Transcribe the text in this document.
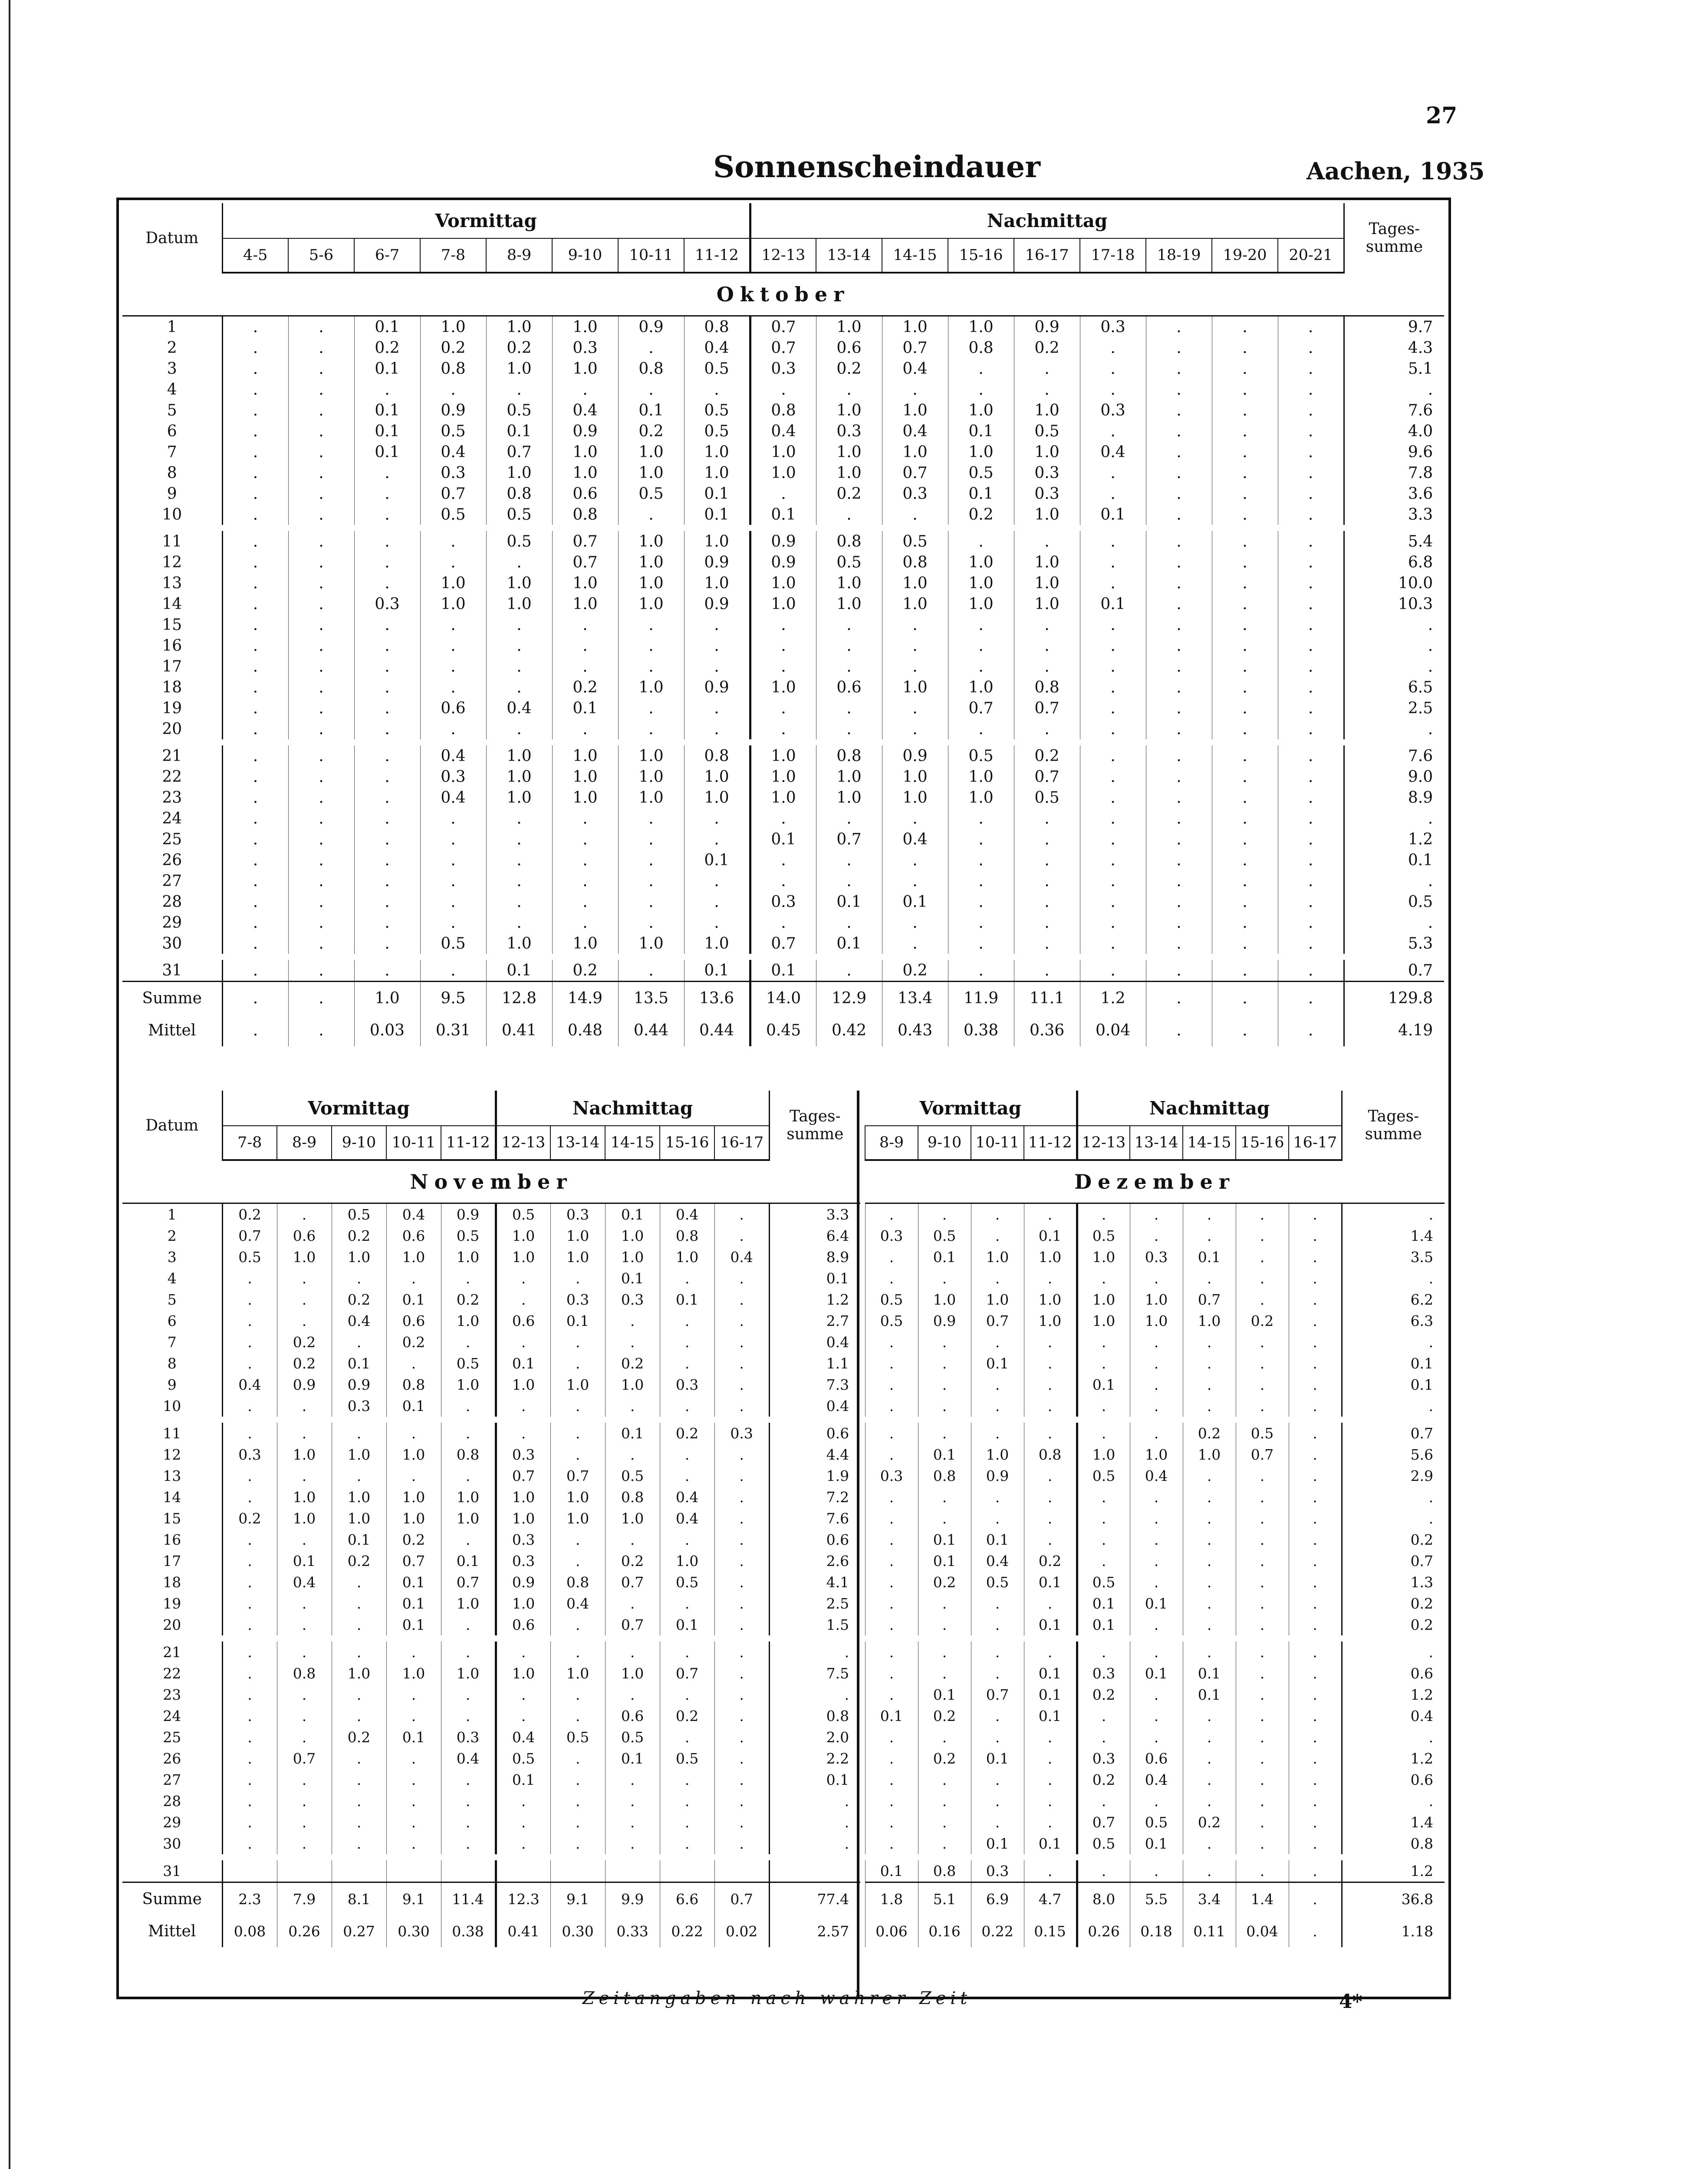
27
Sonnenscheindauer	Aachen, 1935
Datum	Vormittag								Nachmittag									Tages-
summe
	4-5	5-6	6-7	7-8	8-9	9-10	10-11	11-12	12-13	13-14	14-15	15-16	16-17	17-18	18-19	19-20	20-21	
Oktober																		
1	.	.	0.1	1.0	1.0	1.0	0.9	0.8	0.7	1.0	1.0	1.0	0.9	0.3	.	.	.	9.7
2	.	.	0.2	0.2	0.2	0.3	.	0.4	0.7	0.6	0.7	0.8	0.2	.	.	.	.	4.3
3	.	.	0.1	0.8	1.0	1.0	0.8	0.5	0.3	0.2	0.4	.	.	.	.	.	.	5.1
4	.	.	.	.	.	.	.	.	.	.	.	.	.	.	.	.	.	.
5	.	.	0.1	0.9	0.5	0.4	0.1	0.5	0.8	1.0	1.0	1.0	1.0	0.3	.	.	.	7.6
6	.	.	0.1	0.5	0.1	0.9	0.2	0.5	0.4	0.3	0.4	0.1	0.5	.	.	.	.	4.0
7	.	.	0.1	0.4	0.7	1.0	1.0	1.0	1.0	1.0	1.0	1.0	1.0	0.4	.	.	.	9.6
8	.	.	.	0.3	1.0	1.0	1.0	1.0	1.0	1.0	0.7	0.5	0.3	.	.	.	.	7.8
9	.	.	.	0.7	0.8	0.6	0.5	0.1	.	0.2	0.3	0.1	0.3	.	.	.	.	3.6
10	.	.	.	0.5	0.5	0.8	.	0.1	0.1	.	.	0.2	1.0	0.1	.	.	.	3.3

11	.	.	.	.	0.5	0.7	1.0	1.0	0.9	0.8	0.5	.	.	.	.	.	.	5.4
12	.	.	.	.	.	0.7	1.0	0.9	0.9	0.5	0.8	1.0	1.0	.	.	.	.	6.8
13	.	.	.	1.0	1.0	1.0	1.0	1.0	1.0	1.0	1.0	1.0	1.0	.	.	.	.	10.0
14	.	.	0.3	1.0	1.0	1.0	1.0	0.9	1.0	1.0	1.0	1.0	1.0	0.1	.	.	.	10.3
15	.	.	.	.	.	.	.	.	.	.	.	.	.	.	.	.	.	.
16	.	.	.	.	.	.	.	.	.	.	.	.	.	.	.	.	.	.
17	.	.	.	.	.	.	.	.	.	.	.	.	.	.	.	.	.	.
18	.	.	.	.	.	0.2	1.0	0.9	1.0	0.6	1.0	1.0	0.8	.	.	.	.	6.5
19	.	.	.	0.6	0.4	0.1	.	.	.	.	.	0.7	0.7	.	.	.	.	2.5
20	.	.	.	.	.	.	.	.	.	.	.	.	.	.	.	.	.	.

21	.	.	.	0.4	1.0	1.0	1.0	0.8	1.0	0.8	0.9	0.5	0.2	.	.	.	.	7.6
22	.	.	.	0.3	1.0	1.0	1.0	1.0	1.0	1.0	1.0	1.0	0.7	.	.	.	.	9.0
23	.	.	.	0.4	1.0	1.0	1.0	1.0	1.0	1.0	1.0	1.0	0.5	.	.	.	.	8.9
24	.	.	.	.	.	.	.	.	.	.	.	.	.	.	.	.	.	.
25	.	.	.	.	.	.	.	.	0.1	0.7	0.4	.	.	.	.	.	.	1.2
26	.	.	.	.	.	.	.	0.1	.	.	.	.	.	.	.	.	.	0.1
27	.	.	.	.	.	.	.	.	.	.	.	.	.	.	.	.	.	.
28	.	.	.	.	.	.	.	.	0.3	0.1	0.1	.	.	.	.	.	.	0.5
29	.	.	.	.	.	.	.	.	.	.	.	.	.	.	.	.	.	.
30	.	.	.	0.5	1.0	1.0	1.0	1.0	0.7	0.1	.	.	.	.	.	.	.	5.3

31	.	.	.	.	0.1	0.2	.	0.1	0.1	.	0.2	.	.	.	.	.	.	0.7
Summe	.	.	1.0	9.5	12.8	14.9	13.5	13.6	14.0	12.9	13.4	11.9	11.1	1.2	.	.	.	129.8
Mittel	.	.	0.03	0.31	0.41	0.48	0.44	0.44	0.45	0.42	0.43	0.38	0.36	0.04	.	.	.	4.19
Datum	Vormittag					Nachmittag					Tages-
summe
	7-8	8-9	9-10	10-11	11-12	12-13	13-14	14-15	15-16	16-17	
November											
1	0.2	.	0.5	0.4	0.9	0.5	0.3	0.1	0.4	.	3.3
2	0.7	0.6	0.2	0.6	0.5	1.0	1.0	1.0	0.8	.	6.4
3	0.5	1.0	1.0	1.0	1.0	1.0	1.0	1.0	1.0	0.4	8.9
4	.	.	.	.	.	.	.	0.1	.	.	0.1
5	.	.	0.2	0.1	0.2	.	0.3	0.3	0.1	.	1.2
6	.	.	0.4	0.6	1.0	0.6	0.1	.	.	.	2.7
7	.	0.2	.	0.2	.	.	.	.	.	.	0.4
8	.	0.2	0.1	.	0.5	0.1	.	0.2	.	.	1.1
9	0.4	0.9	0.9	0.8	1.0	1.0	1.0	1.0	0.3	.	7.3
10	.	.	0.3	0.1	.	.	.	.	.	.	0.4

11	.	.	.	.	.	.	.	0.1	0.2	0.3	0.6
12	0.3	1.0	1.0	1.0	0.8	0.3	.	.	.	.	4.4
13	.	.	.	.	.	0.7	0.7	0.5	.	.	1.9
14	.	1.0	1.0	1.0	1.0	1.0	1.0	0.8	0.4	.	7.2
15	0.2	1.0	1.0	1.0	1.0	1.0	1.0	1.0	0.4	.	7.6
16	.	.	0.1	0.2	.	0.3	.	.	.	.	0.6
17	.	0.1	0.2	0.7	0.1	0.3	.	0.2	1.0	.	2.6
18	.	0.4	.	0.1	0.7	0.9	0.8	0.7	0.5	.	4.1
19	.	.	.	0.1	1.0	1.0	0.4	.	.	.	2.5
20	.	.	.	0.1	.	0.6	.	0.7	0.1	.	1.5

21	.	.	.	.	.	.	.	.	.	.	.
22	.	0.8	1.0	1.0	1.0	1.0	1.0	1.0	0.7	.	7.5
23	.	.	.	.	.	.	.	.	.	.	.
24	.	.	.	.	.	.	.	0.6	0.2	.	0.8
25	.	.	0.2	0.1	0.3	0.4	0.5	0.5	.	.	2.0
26	.	0.7	.	.	0.4	0.5	.	0.1	0.5	.	2.2
27	.	.	.	.	.	0.1	.	.	.	.	0.1
28	.	.	.	.	.	.	.	.	.	.	.
29	.	.	.	.	.	.	.	.	.	.	.
30	.	.	.	.	.	.	.	.	.	.	.

31											
Summe	2.3	7.9	8.1	9.1	11.4	12.3	9.1	9.9	6.6	0.7	77.4
Mittel	0.08	0.26	0.27	0.30	0.38	0.41	0.30	0.33	0.22	0.02	2.57
Vormittag				Nachmittag					Tages-
summe
8-9	9-10	10-11	11-12	12-13	13-14	14-15	15-16	16-17	
Dezember									
.	.	.	.	.	.	.	.	.	.
0.3	0.5	.	0.1	0.5	.	.	.	.	1.4
.	0.1	1.0	1.0	1.0	0.3	0.1	.	.	3.5
.	.	.	.	.	.	.	.	.	.
0.5	1.0	1.0	1.0	1.0	1.0	0.7	.	.	6.2
0.5	0.9	0.7	1.0	1.0	1.0	1.0	0.2	.	6.3
.	.	.	.	.	.	.	.	.	.
.	.	0.1	.	.	.	.	.	.	0.1
.	.	.	.	0.1	.	.	.	.	0.1
.	.	.	.	.	.	.	.	.	.

.	.	.	.	.	.	0.2	0.5	.	0.7
.	0.1	1.0	0.8	1.0	1.0	1.0	0.7	.	5.6
0.3	0.8	0.9	.	0.5	0.4	.	.	.	2.9
.	.	.	.	.	.	.	.	.	.
.	.	.	.	.	.	.	.	.	.
.	0.1	0.1	.	.	.	.	.	.	0.2
.	0.1	0.4	0.2	.	.	.	.	.	0.7
.	0.2	0.5	0.1	0.5	.	.	.	.	1.3
.	.	.	.	0.1	0.1	.	.	.	0.2
.	.	.	0.1	0.1	.	.	.	.	0.2

.	.	.	.	.	.	.	.	.	.
.	.	.	0.1	0.3	0.1	0.1	.	.	0.6
.	0.1	0.7	0.1	0.2	.	0.1	.	.	1.2
0.1	0.2	.	0.1	.	.	.	.	.	0.4
.	.	.	.	.	.	.	.	.	.
.	0.2	0.1	.	0.3	0.6	.	.	.	1.2
.	.	.	.	0.2	0.4	.	.	.	0.6
.	.	.	.	.	.	.	.	.	.
.	.	.	.	0.7	0.5	0.2	.	.	1.4
.	.	0.1	0.1	0.5	0.1	.	.	.	0.8

0.1	0.8	0.3	.	.	.	.	.	.	1.2
1.8	5.1	6.9	4.7	8.0	5.5	3.4	1.4	.	36.8
0.06	0.16	0.22	0.15	0.26	0.18	0.11	0.04	.	1.18
Zeitangaben nach wahrer Zeit	4*
